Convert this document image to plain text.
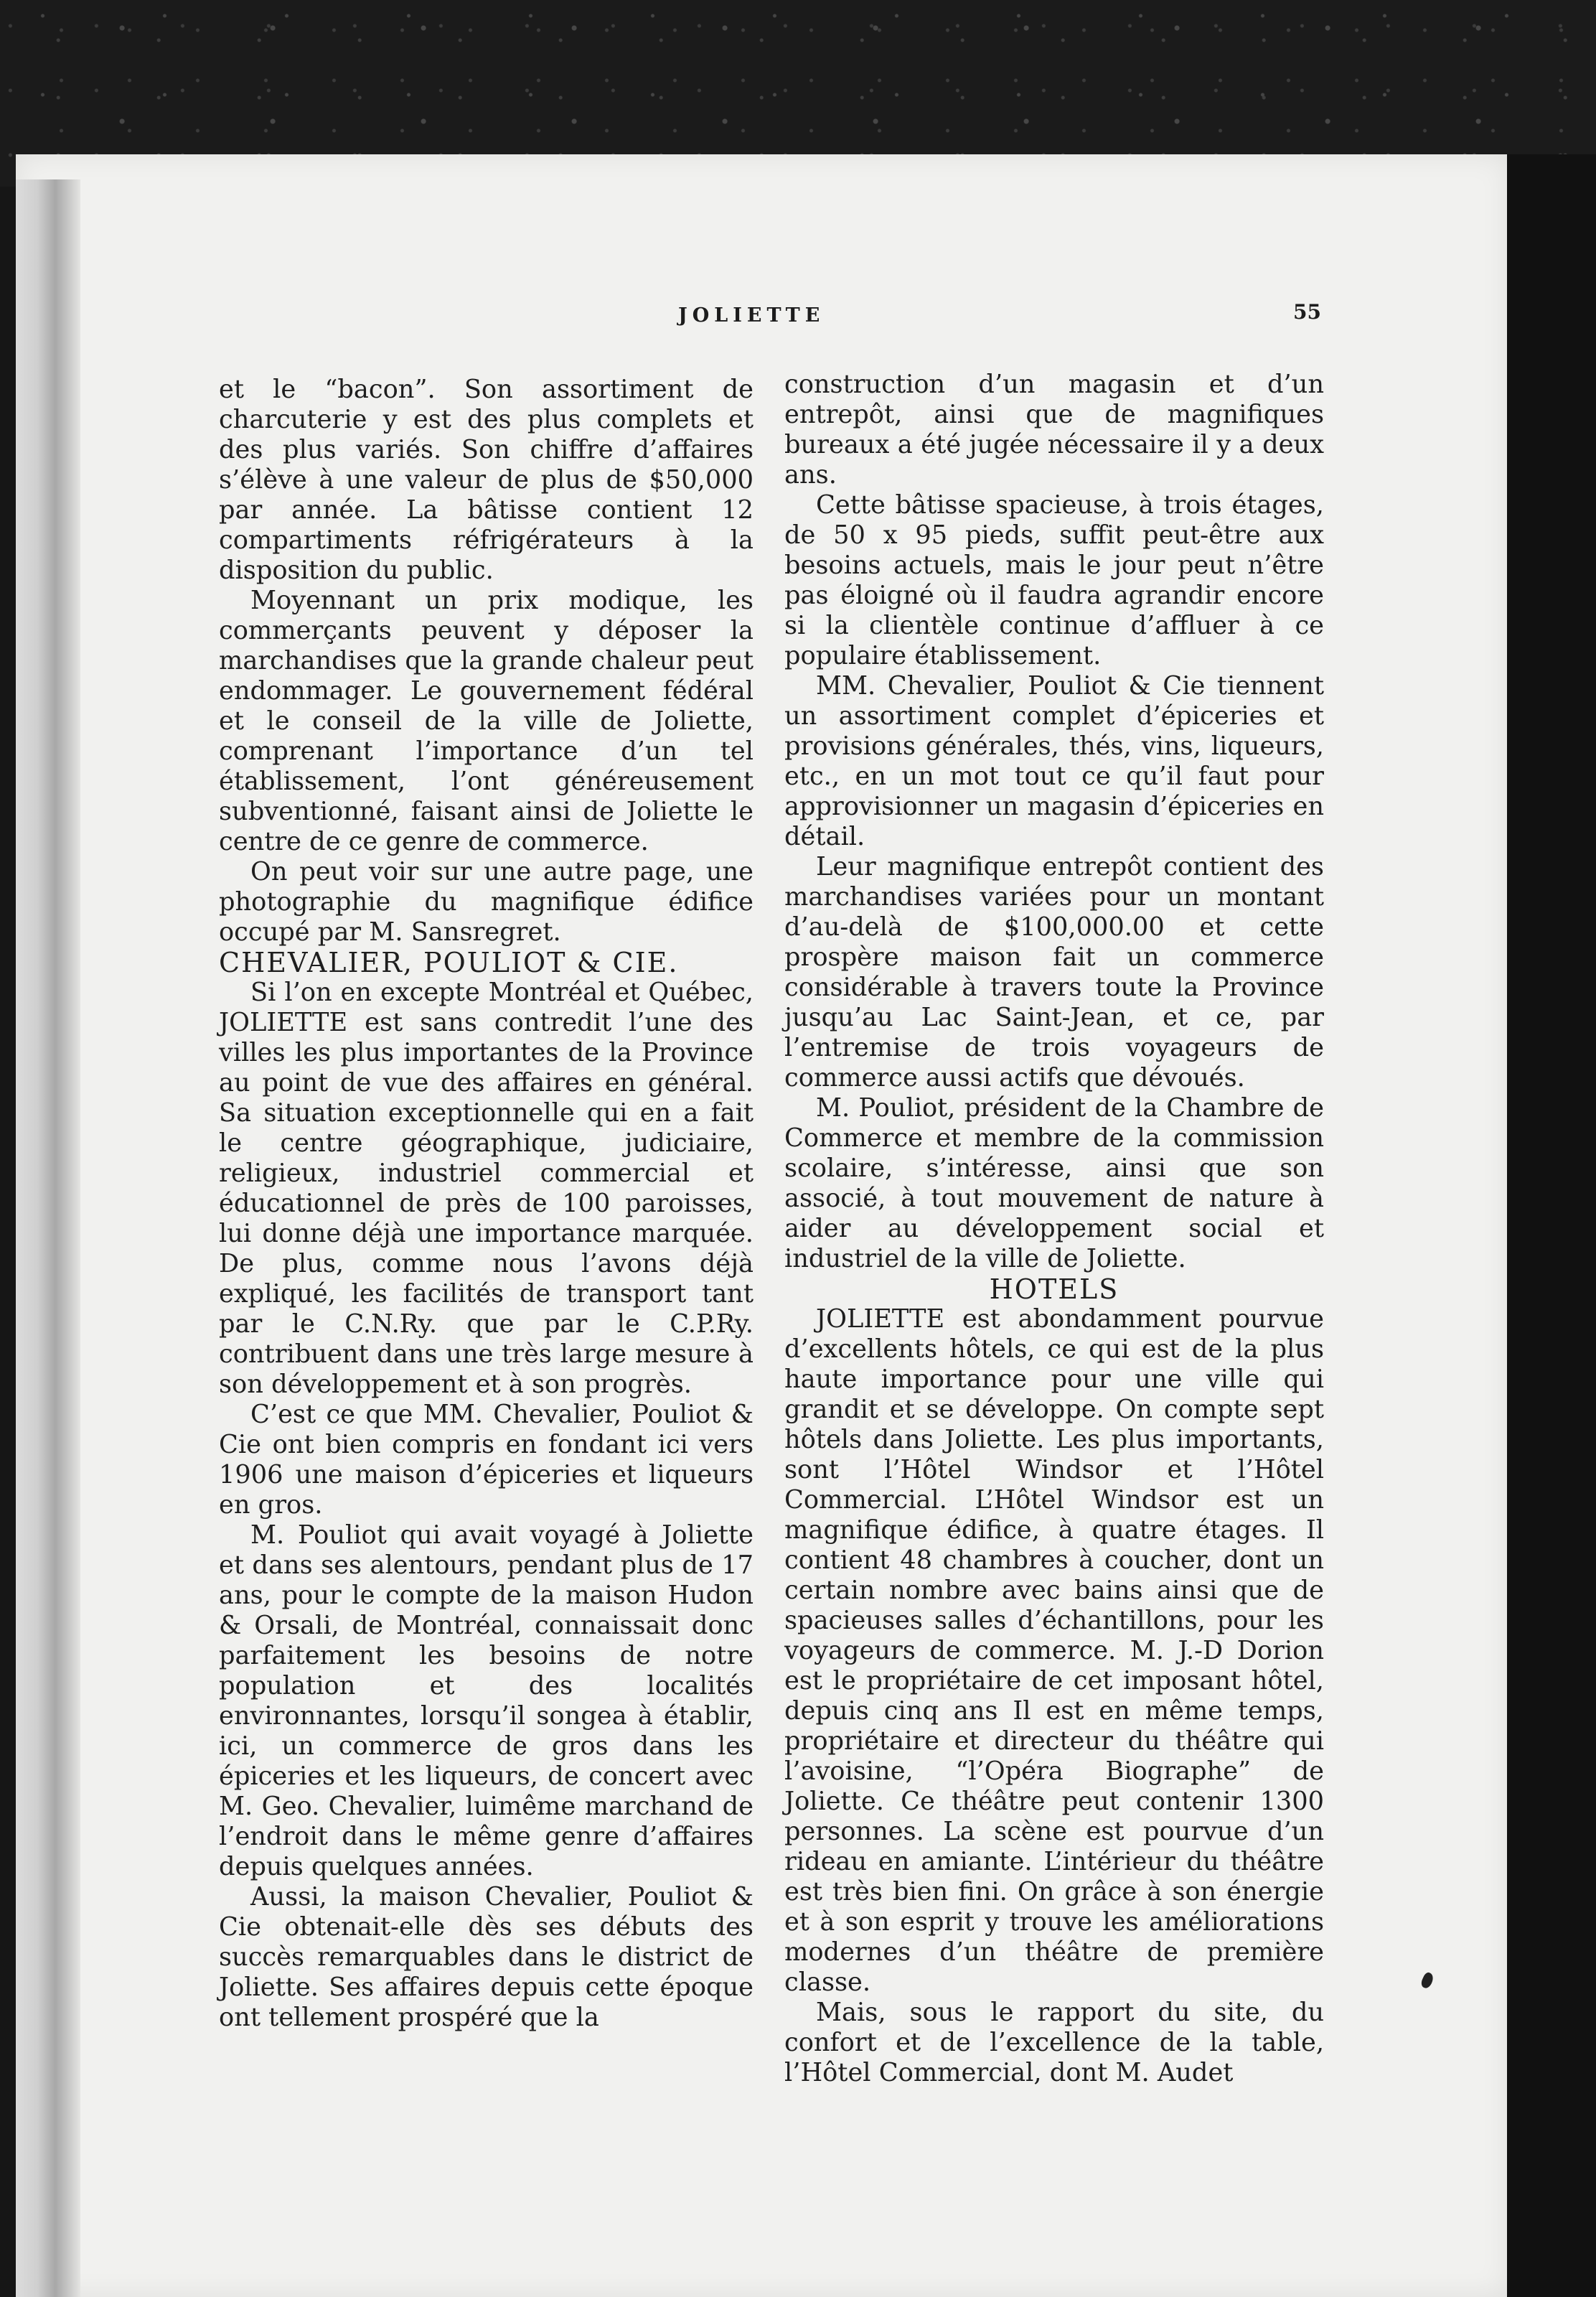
JOLIETTE	55

et le “bacon”. Son assortiment de charcuterie y est des plus complets et des plus variés. Son chiffre d’affaires s’élève à une valeur de plus de $50,000 par année. La bâtisse contient 12 compartiments réfrigérateurs à la disposition du public.

Moyennant un prix modique, les commerçants peuvent y déposer la marchandises que la grande chaleur peut endommager. Le gouvernement fédéral et le conseil de la ville de Joliette, comprenant l’importance d’un tel établissement, l’ont généreusement subventionné, faisant ainsi de Joliette le centre de ce genre de commerce.

On peut voir sur une autre page, une photographie du magnifique édifice occupé par M. Sansregret.

CHEVALIER, POULIOT & CIE.

Si l’on en excepte Montréal et Québec, JOLIETTE est sans contredit l’une des villes les plus importantes de la Province au point de vue des affaires en général. Sa situation exceptionnelle qui en a fait le centre géographique, judiciaire, religieux, industriel commercial et éducationnel de près de 100 paroisses, lui donne déjà une importance marquée. De plus, comme nous l’avons déjà expliqué, les facilités de transport tant par le C.N.Ry. que par le C.P.Ry. contribuent dans une très large mesure à son développement et à son progrès.

C’est ce que MM. Chevalier, Pouliot & Cie ont bien compris en fondant ici vers 1906 une maison d’épiceries et liqueurs en gros.

M. Pouliot qui avait voyagé à Joliette et dans ses alentours, pendant plus de 17 ans, pour le compte de la maison Hudon & Orsali, de Montréal, connaissait donc parfaitement les besoins de notre population et des localités environnantes, lorsqu’il songea à établir, ici, un commerce de gros dans les épiceries et les liqueurs, de concert avec M. Geo. Chevalier, luimême marchand de l’endroit dans le même genre d’affaires depuis quelques années.

Aussi, la maison Chevalier, Pouliot & Cie obtenait-elle dès ses débuts des succès remarquables dans le district de Joliette. Ses affaires depuis cette époque ont tellement prospéré que la

construction d’un magasin et d’un entrepôt, ainsi que de magnifiques bureaux a été jugée nécessaire il y a deux ans.

Cette bâtisse spacieuse, à trois étages, de 50 x 95 pieds, suffit peut-être aux besoins actuels, mais le jour peut n’être pas éloigné où il faudra agrandir encore si la clientèle continue d’affluer à ce populaire établissement.

MM. Chevalier, Pouliot & Cie tiennent un assortiment complet d’épiceries et provisions générales, thés, vins, liqueurs, etc., en un mot tout ce qu’il faut pour approvisionner un magasin d’épiceries en détail.

Leur magnifique entrepôt contient des marchandises variées pour un montant d’au-delà de $100,000.00 et cette prospère maison fait un commerce considérable à travers toute la Province jusqu’au Lac Saint-Jean, et ce, par l’entremise de trois voyageurs de commerce aussi actifs que dévoués.

M. Pouliot, président de la Chambre de Commerce et membre de la commission scolaire, s’intéresse, ainsi que son associé, à tout mouvement de nature à aider au développement social et industriel de la ville de Joliette.

HOTELS

JOLIETTE est abondamment pourvue d’excellents hôtels, ce qui est de la plus haute importance pour une ville qui grandit et se développe. On compte sept hôtels dans Joliette. Les plus importants, sont l’Hôtel Windsor et l’Hôtel Commercial. L’Hôtel Windsor est un magnifique édifice, à quatre étages. Il contient 48 chambres à coucher, dont un certain nombre avec bains ainsi que de spacieuses salles d’échantillons, pour les voyageurs de commerce. M. J.-D Dorion est le propriétaire de cet imposant hôtel, depuis cinq ans Il est en même temps, propriétaire et directeur du théâtre qui l’avoisine, “l’Opéra Biographe” de Joliette. Ce théâtre peut contenir 1300 personnes. La scène est pourvue d’un rideau en amiante. L’intérieur du théâtre est très bien fini. On grâce à son énergie et à son esprit y trouve les améliorations modernes d’un théâtre de première classe.

Mais, sous le rapport du site, du confort et de l’excellence de la table, l’Hôtel Commercial, dont M. Audet
